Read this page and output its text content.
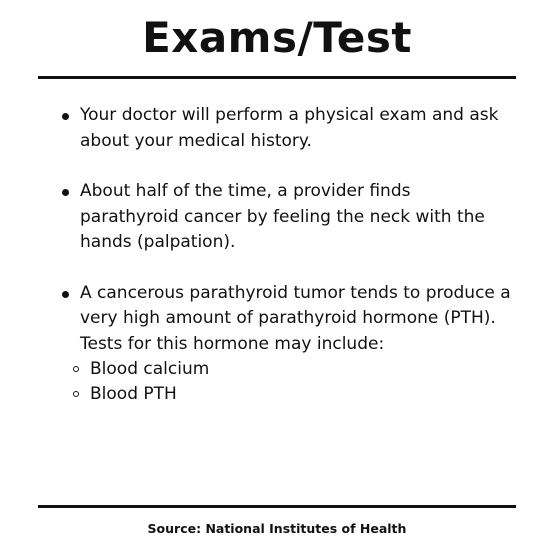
Exams/Test
Your doctor will perform a physical exam and ask about your medical history.
About half of the time, a provider finds parathyroid cancer by feeling the neck with the hands (palpation).
A cancerous parathyroid tumor tends to produce a very high amount of parathyroid hormone (PTH). Tests for this hormone may include:
Blood calcium
Blood PTH
Source: National Institutes of Health
